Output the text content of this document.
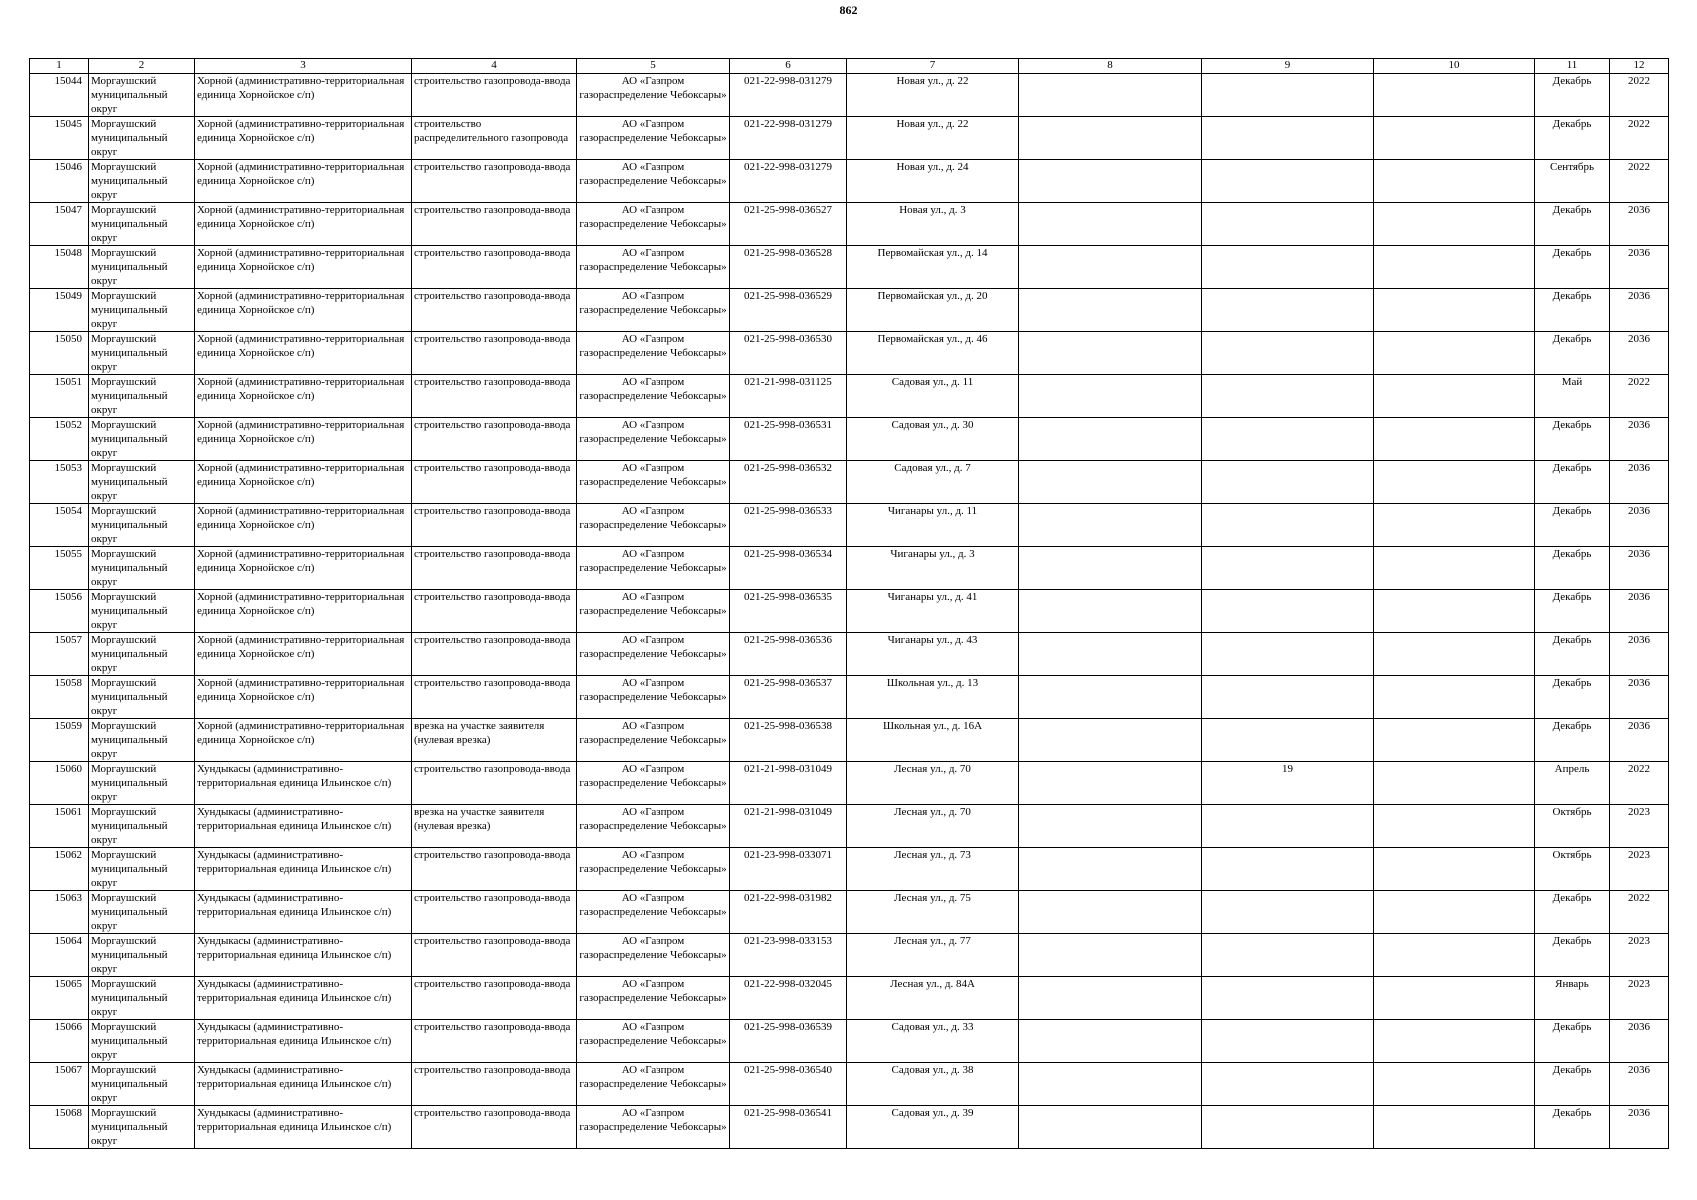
862
1	2	3	4	5	6	7	8	9	10	11	12
15044	Моргаушский муниципальный округ	Хорной (административно-территориальная единица Хорнойское с/п)	строительство газопровода-ввода	АО «Газпром газораспределение Чебоксары»	021-22-998-031279	Новая ул., д. 22				Декабрь	2022
15045	Моргаушский муниципальный округ	Хорной (административно-территориальная единица Хорнойское с/п)	строительство распределительного газопровода	АО «Газпром газораспределение Чебоксары»	021-22-998-031279	Новая ул., д. 22				Декабрь	2022
15046	Моргаушский муниципальный округ	Хорной (административно-территориальная единица Хорнойское с/п)	строительство газопровода-ввода	АО «Газпром газораспределение Чебоксары»	021-22-998-031279	Новая ул., д. 24				Сентябрь	2022
15047	Моргаушский муниципальный округ	Хорной (административно-территориальная единица Хорнойское с/п)	строительство газопровода-ввода	АО «Газпром газораспределение Чебоксары»	021-25-998-036527	Новая ул., д. 3				Декабрь	2036
15048	Моргаушский муниципальный округ	Хорной (административно-территориальная единица Хорнойское с/п)	строительство газопровода-ввода	АО «Газпром газораспределение Чебоксары»	021-25-998-036528	Первомайская ул., д. 14				Декабрь	2036
15049	Моргаушский муниципальный округ	Хорной (административно-территориальная единица Хорнойское с/п)	строительство газопровода-ввода	АО «Газпром газораспределение Чебоксары»	021-25-998-036529	Первомайская ул., д. 20				Декабрь	2036
15050	Моргаушский муниципальный округ	Хорной (административно-территориальная единица Хорнойское с/п)	строительство газопровода-ввода	АО «Газпром газораспределение Чебоксары»	021-25-998-036530	Первомайская ул., д. 46				Декабрь	2036
15051	Моргаушский муниципальный округ	Хорной (административно-территориальная единица Хорнойское с/п)	строительство газопровода-ввода	АО «Газпром газораспределение Чебоксары»	021-21-998-031125	Садовая ул., д. 11				Май	2022
15052	Моргаушский муниципальный округ	Хорной (административно-территориальная единица Хорнойское с/п)	строительство газопровода-ввода	АО «Газпром газораспределение Чебоксары»	021-25-998-036531	Садовая ул., д. 30				Декабрь	2036
15053	Моргаушский муниципальный округ	Хорной (административно-территориальная единица Хорнойское с/п)	строительство газопровода-ввода	АО «Газпром газораспределение Чебоксары»	021-25-998-036532	Садовая ул., д. 7				Декабрь	2036
15054	Моргаушский муниципальный округ	Хорной (административно-территориальная единица Хорнойское с/п)	строительство газопровода-ввода	АО «Газпром газораспределение Чебоксары»	021-25-998-036533	Чиганары ул., д. 11				Декабрь	2036
15055	Моргаушский муниципальный округ	Хорной (административно-территориальная единица Хорнойское с/п)	строительство газопровода-ввода	АО «Газпром газораспределение Чебоксары»	021-25-998-036534	Чиганары ул., д. 3				Декабрь	2036
15056	Моргаушский муниципальный округ	Хорной (административно-территориальная единица Хорнойское с/п)	строительство газопровода-ввода	АО «Газпром газораспределение Чебоксары»	021-25-998-036535	Чиганары ул., д. 41				Декабрь	2036
15057	Моргаушский муниципальный округ	Хорной (административно-территориальная единица Хорнойское с/п)	строительство газопровода-ввода	АО «Газпром газораспределение Чебоксары»	021-25-998-036536	Чиганары ул., д. 43				Декабрь	2036
15058	Моргаушский муниципальный округ	Хорной (административно-территориальная единица Хорнойское с/п)	строительство газопровода-ввода	АО «Газпром газораспределение Чебоксары»	021-25-998-036537	Школьная ул., д. 13				Декабрь	2036
15059	Моргаушский муниципальный округ	Хорной (административно-территориальная единица Хорнойское с/п)	врезка на участке заявителя (нулевая врезка)	АО «Газпром газораспределение Чебоксары»	021-25-998-036538	Школьная ул., д. 16А				Декабрь	2036
15060	Моргаушский муниципальный округ	Хундыкасы (административно-территориальная единица Ильинское с/п)	строительство газопровода-ввода	АО «Газпром газораспределение Чебоксары»	021-21-998-031049	Лесная ул., д. 70		19		Апрель	2022
15061	Моргаушский муниципальный округ	Хундыкасы (административно-территориальная единица Ильинское с/п)	врезка на участке заявителя (нулевая врезка)	АО «Газпром газораспределение Чебоксары»	021-21-998-031049	Лесная ул., д. 70				Октябрь	2023
15062	Моргаушский муниципальный округ	Хундыкасы (административно-территориальная единица Ильинское с/п)	строительство газопровода-ввода	АО «Газпром газораспределение Чебоксары»	021-23-998-033071	Лесная ул., д. 73				Октябрь	2023
15063	Моргаушский муниципальный округ	Хундыкасы (административно-территориальная единица Ильинское с/п)	строительство газопровода-ввода	АО «Газпром газораспределение Чебоксары»	021-22-998-031982	Лесная ул., д. 75				Декабрь	2022
15064	Моргаушский муниципальный округ	Хундыкасы (административно-территориальная единица Ильинское с/п)	строительство газопровода-ввода	АО «Газпром газораспределение Чебоксары»	021-23-998-033153	Лесная ул., д. 77				Декабрь	2023
15065	Моргаушский муниципальный округ	Хундыкасы (административно-территориальная единица Ильинское с/п)	строительство газопровода-ввода	АО «Газпром газораспределение Чебоксары»	021-22-998-032045	Лесная ул., д. 84А				Январь	2023
15066	Моргаушский муниципальный округ	Хундыкасы (административно-территориальная единица Ильинское с/п)	строительство газопровода-ввода	АО «Газпром газораспределение Чебоксары»	021-25-998-036539	Садовая ул., д. 33				Декабрь	2036
15067	Моргаушский муниципальный округ	Хундыкасы (административно-территориальная единица Ильинское с/п)	строительство газопровода-ввода	АО «Газпром газораспределение Чебоксары»	021-25-998-036540	Садовая ул., д. 38				Декабрь	2036
15068	Моргаушский муниципальный округ	Хундыкасы (административно-территориальная единица Ильинское с/п)	строительство газопровода-ввода	АО «Газпром газораспределение Чебоксары»	021-25-998-036541	Садовая ул., д. 39				Декабрь	2036
